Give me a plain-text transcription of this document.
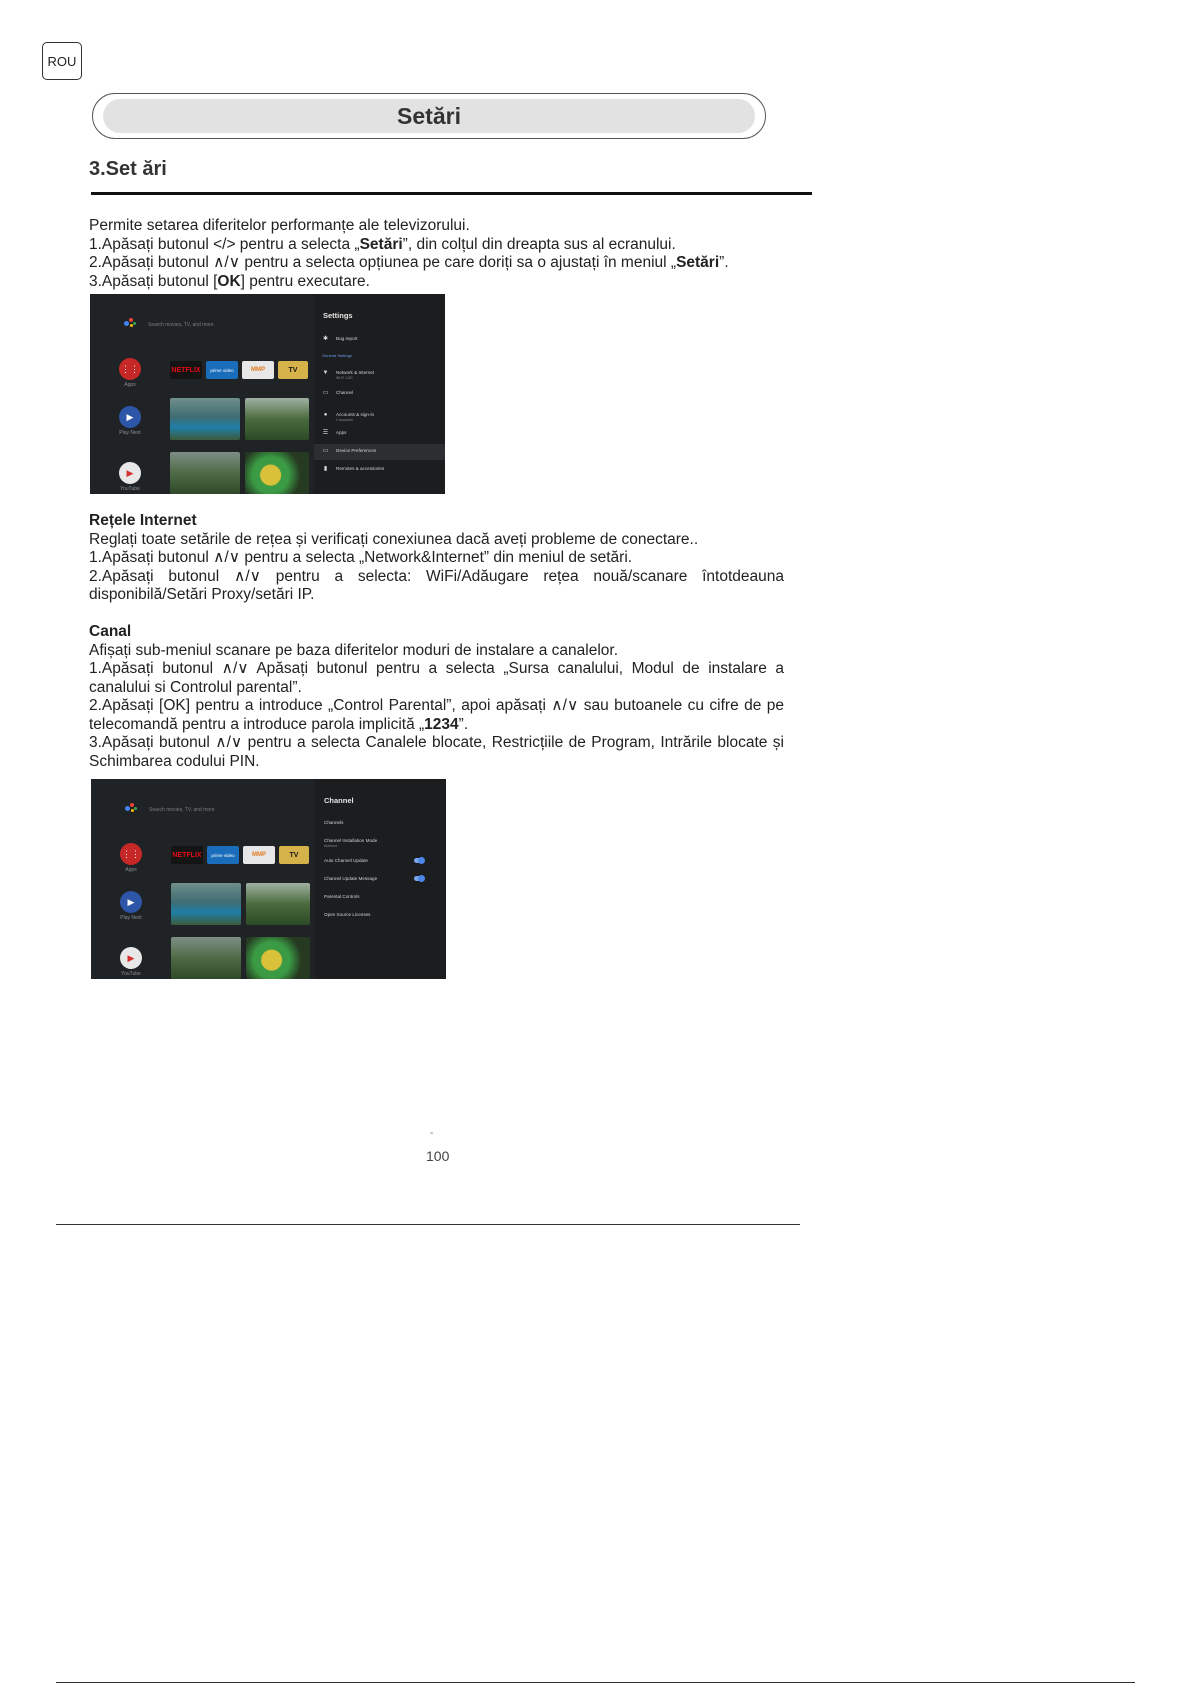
ROU
Setări
3.Set ări

Permite setarea diferitelor performanțe ale televizorului.

1.Apăsați butonul </> pentru a selecta „Setări”, din colțul din dreapta sus al ecranului.

2.Apăsați butonul ∧/∨ pentru a selecta opțiunea pe care doriți sa o ajustați în meniul „Setări”.

3.Apăsați butonul [OK] pentru executare.

Search movies, TV, and more
⋮⋮
Apps
▶
Play Next
▶
YouTube
NETFLIX	prime video	MMP	TV
Settings
✱ Bug report
General Settings
▼ Network & Internet
Wi-Fi 1.5G
▭ Channel
●	Accounts & sign-in
2 accounts
☰ Apps
▭ Device Preferences
▮	Remotes & accessories

Rețele Internet

Reglați toate setările de rețea și verificați conexiunea dacă aveți probleme de conectare..

1.Apăsați butonul ∧/∨ pentru a selecta „Network&Internet” din meniul de setări.

2.Apăsați butonul ∧/∨ pentru a selecta: WiFi/Adăugare rețea nouă/scanare întotdeauna disponibilă/Setări Proxy/setări IP.

Canal

Afișați sub-meniul scanare pe baza diferitelor moduri de instalare a canalelor.

1.Apăsați butonul ∧/∨ Apăsați butonul pentru a selecta „Sursa canalului, Modul de instalare a canalului si Controlul parental”.

2.Apăsați [OK] pentru a introduce „Control Parental”, apoi apăsați ∧/∨ sau butoanele cu cifre de pe telecomandă pentru a introduce parola implicită „1234”.

3.Apăsați butonul ∧/∨ pentru a selecta Canalele blocate, Restricțiile de Program, Intrările blocate și Schimbarea codului PIN.

Search movies, TV, and more
⋮⋮
Apps
▶
Play Next
▶
YouTube
NETFLIX	prime video	MMP	TV
Channel
Channels
Channel Installation Mode
Antenna
Auto Channel Update
Channel Update Message
Parental Controls
Open Source Licenses
-
100
